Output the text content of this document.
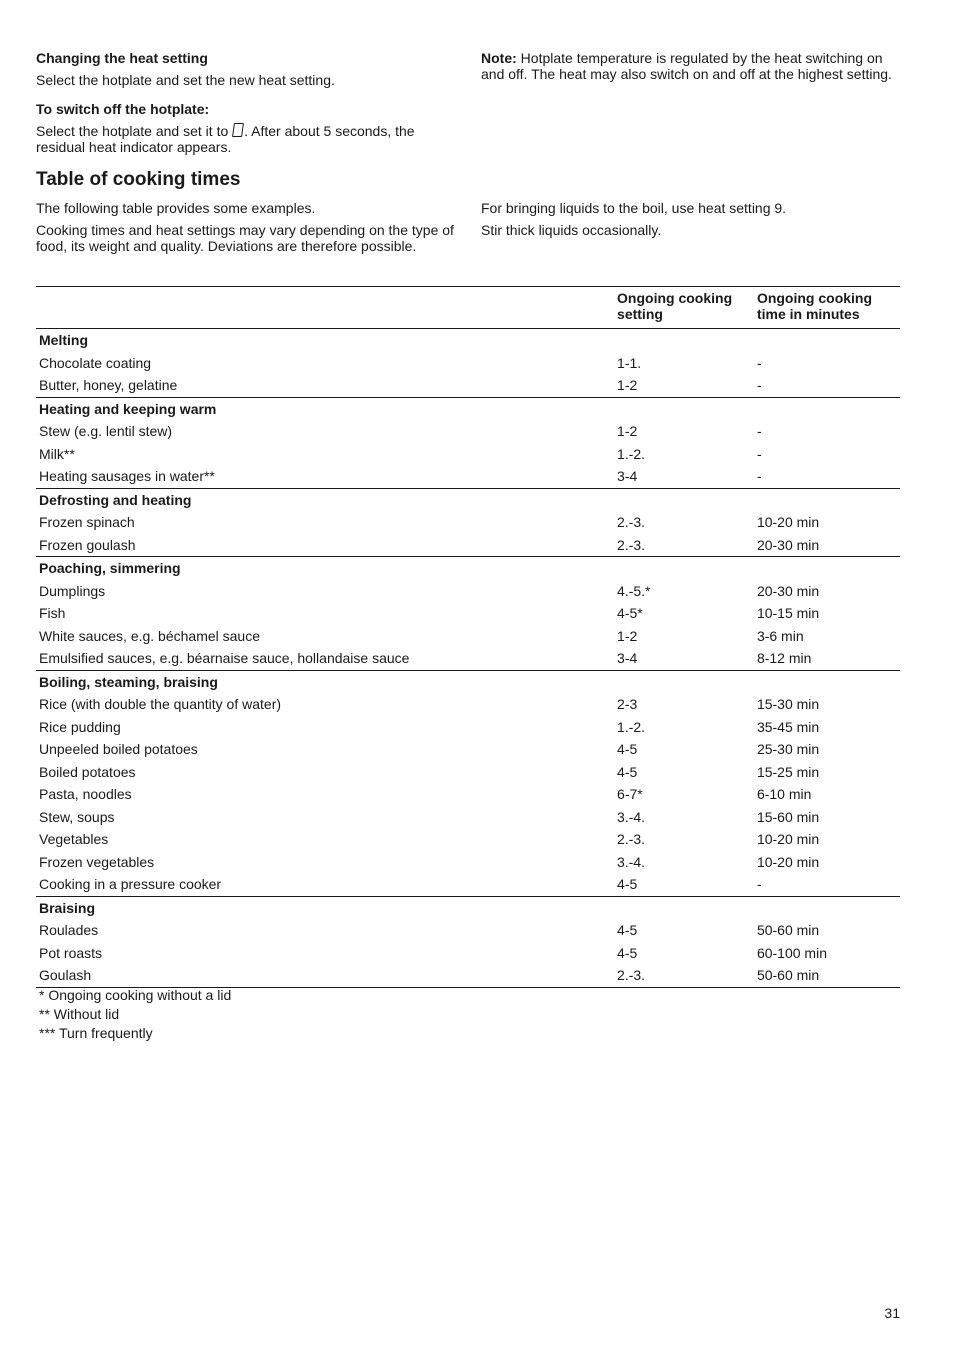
Changing the heat setting

Select the hotplate and set the new heat setting.

To switch off the hotplate:

Select the hotplate and set it to . After about 5 seconds, the residual heat indicator appears.

Note: Hotplate temperature is regulated by the heat switching on and off. The heat may also switch on and off at the highest setting.

Table of cooking times

The following table provides some examples.

Cooking times and heat settings may vary depending on the type of food, its weight and quality. Deviations are therefore possible.

For bringing liquids to the boil, use heat setting 9.

Stir thick liquids occasionally.

	Ongoing cooking setting	Ongoing cooking time in minutes
Melting		
Chocolate coating	1-1.	-
Butter, honey, gelatine	1-2	-
Heating and keeping warm		
Stew (e.g. lentil stew)	1-2	-
Milk**	1.-2.	-
Heating sausages in water**	3-4	-
Defrosting and heating		
Frozen spinach	2.-3.	10-20 min
Frozen goulash	2.-3.	20-30 min
Poaching, simmering		
Dumplings	4.-5.*	20-30 min
Fish	4-5*	10-15 min
White sauces, e.g. béchamel sauce	1-2	3-6 min
Emulsified sauces, e.g. béarnaise sauce, hollandaise sauce	3-4	8-12 min
Boiling, steaming, braising		
Rice (with double the quantity of water)	2-3	15-30 min
Rice pudding	1.-2.	35-45 min
Unpeeled boiled potatoes	4-5	25-30 min
Boiled potatoes	4-5	15-25 min
Pasta, noodles	6-7*	6-10 min
Stew, soups	3.-4.	15-60 min
Vegetables	2.-3.	10-20 min
Frozen vegetables	3.-4.	10-20 min
Cooking in a pressure cooker	4-5	-
Braising		
Roulades	4-5	50-60 min
Pot roasts	4-5	60-100 min
Goulash	2.-3.	50-60 min
* Ongoing cooking without a lid
** Without lid
*** Turn frequently
31
